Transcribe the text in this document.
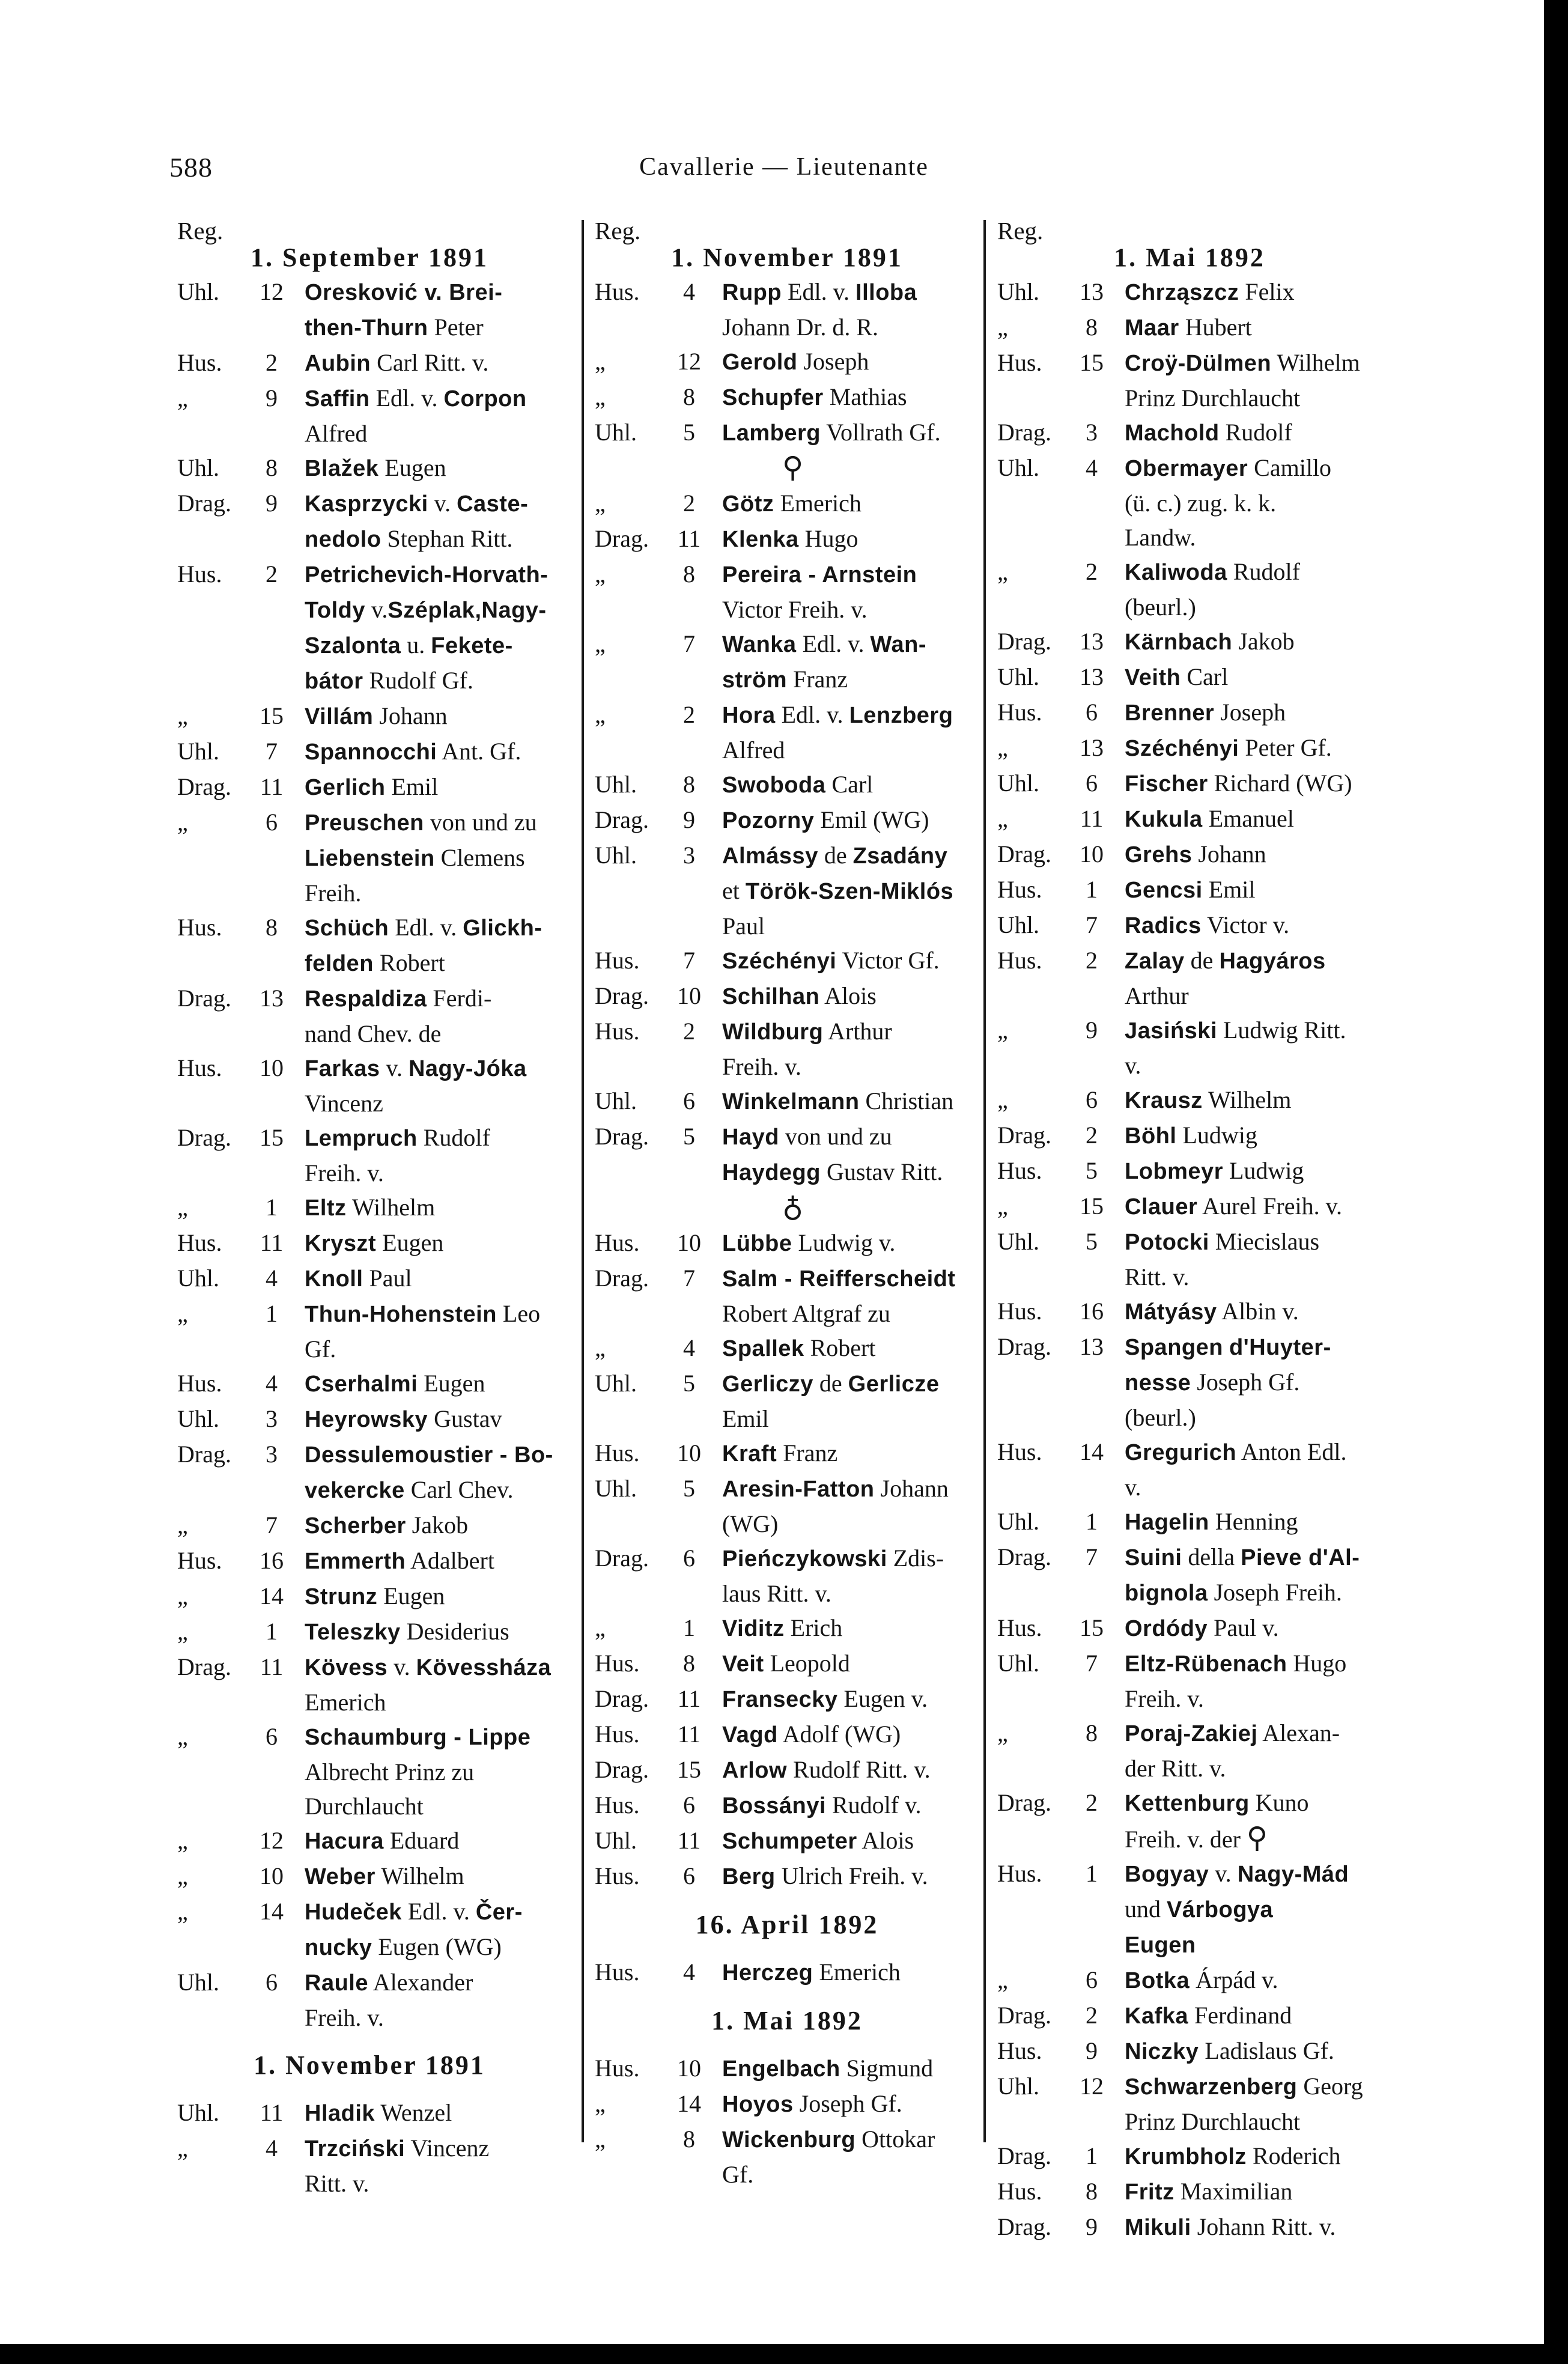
588	Cavallerie — Lieutenante
Reg.
1. September 1891
Uhl.	12 Oresković v. Brei-
then-Thurn Peter
Hus.	2	Aubin Carl Ritt. v.
„	9	Saffin Edl. v. Corpon
Alfred
Uhl.	8	Blažek Eugen
Drag.	9	Kasprzycki v. Caste-
nedolo Stephan Ritt.
Hus.	2	Petrichevich-Horvath-
Toldy v.Széplak,Nagy-
Szalonta u. Fekete-
bátor Rudolf Gf.
„	15 Villám Johann
Uhl.	7	Spannocchi Ant. Gf.
Drag.	11 Gerlich Emil
„	6	Preuschen von und zu
Liebenstein Clemens
Freih.
Hus.	8	Schüch Edl. v. Glickh-
felden Robert
Drag.	13 Respaldiza Ferdi-
nand Chev. de
Hus.	10 Farkas v. Nagy-Jóka
Vincenz
Drag.	15 Lempruch Rudolf
Freih. v.
„	1	Eltz Wilhelm
Hus.	11 Kryszt Eugen
Uhl.	4	Knoll Paul
„	1	Thun-Hohenstein Leo
Gf.
Hus.	4	Cserhalmi Eugen
Uhl.	3	Heyrowsky Gustav
Drag.	3	Dessulemoustier - Bo-
vekercke Carl Chev.
„	7	Scherber Jakob
Hus.	16 Emmerth Adalbert
„	14 Strunz Eugen
„	1	Teleszky Desiderius
Drag.	11 Kövess v. Kövessháza
Emerich
„	6	Schaumburg - Lippe
Albrecht Prinz zu
Durchlaucht
„	12 Hacura Eduard
„	10 Weber Wilhelm
„	14 Hudeček Edl. v. Čer-
nucky Eugen (WG)
Uhl.	6	Raule Alexander
Freih. v.
1. November 1891
Uhl.	11 Hladik Wenzel
„	4	Trzciński Vincenz
Ritt. v.
Reg.
1. November 1891
Hus.	4	Rupp Edl. v. Illoba
Johann Dr. d. R.
„	12 Gerold Joseph
„	8	Schupfer Mathias
Uhl.	5	Lamberg Vollrath Gf.
⚲
„	2	Götz Emerich
Drag.	11 Klenka Hugo
„	8	Pereira - Arnstein
Victor Freih. v.
„	7	Wanka Edl. v. Wan-
ström Franz
„	2	Hora Edl. v. Lenzberg
Alfred
Uhl.	8	Swoboda Carl
Drag.	9	Pozorny Emil (WG)
Uhl.	3	Almássy de Zsadány
et Török-Szen-Miklós
Paul
Hus.	7	Széchényi Victor Gf.
Drag.	10 Schilhan Alois
Hus.	2	Wildburg Arthur
Freih. v.
Uhl.	6	Winkelmann Christian
Drag.	5	Hayd von und zu
Haydegg Gustav Ritt.
♁
Hus.	10 Lübbe Ludwig v.
Drag.	7	Salm - Reifferscheidt
Robert Altgraf zu
„	4	Spallek Robert
Uhl.	5	Gerliczy de Gerlicze
Emil
Hus.	10 Kraft Franz
Uhl.	5	Aresin-Fatton Johann
(WG)
Drag.	6	Pieńczykowski Zdis-
laus Ritt. v.
„	1	Viditz Erich
Hus.	8	Veit Leopold
Drag.	11 Fransecky Eugen v.
Hus.	11 Vagd Adolf (WG)
Drag.	15 Arlow Rudolf Ritt. v.
Hus.	6	Bossányi Rudolf v.
Uhl.	11 Schumpeter Alois
Hus.	6	Berg Ulrich Freih. v.
16. April 1892
Hus.	4	Herczeg Emerich
1. Mai 1892
Hus.	10 Engelbach Sigmund
„	14 Hoyos Joseph Gf.
„	8	Wickenburg Ottokar
Gf.
Reg.
1. Mai 1892
Uhl.	13 Chrząszcz Felix
„	8	Maar Hubert
Hus.	15 Croÿ-Dülmen Wilhelm
Prinz Durchlaucht
Drag.	3	Machold Rudolf
Uhl.	4	Obermayer Camillo
(ü. c.) zug. k. k.
Landw.
„	2	Kaliwoda Rudolf
(beurl.)
Drag.	13 Kärnbach Jakob
Uhl.	13 Veith Carl
Hus.	6	Brenner Joseph
„	13 Széchényi Peter Gf.
Uhl.	6	Fischer Richard (WG)
„	11 Kukula Emanuel
Drag.	10 Grehs Johann
Hus.	1	Gencsi Emil
Uhl.	7	Radics Victor v.
Hus.	2	Zalay de Hagyáros
Arthur
„	9	Jasiński Ludwig Ritt.
v.
„	6	Krausz Wilhelm
Drag.	2	Böhl Ludwig
Hus.	5	Lobmeyr Ludwig
„	15 Clauer Aurel Freih. v.
Uhl.	5	Potocki Miecislaus
Ritt. v.
Hus.	16 Mátyásy Albin v.
Drag.	13 Spangen d'Huyter-
nesse Joseph Gf.
(beurl.)
Hus.	14 Gregurich Anton Edl.
v.
Uhl.	1	Hagelin Henning
Drag.	7	Suini della Pieve d'Al-
bignola Joseph Freih.
Hus.	15 Ordódy Paul v.
Uhl.	7	Eltz-Rübenach Hugo
Freih. v.
„	8	Poraj-Zakiej Alexan-
der Ritt. v.
Drag.	2	Kettenburg Kuno
Freih. v. der ⚲
Hus.	1	Bogyay v. Nagy-Mád
und Várbogya
Eugen
„	6	Botka Árpád v.
Drag.	2	Kafka Ferdinand
Hus.	9	Niczky Ladislaus Gf.
Uhl.	12 Schwarzenberg Georg
Prinz Durchlaucht
Drag.	1	Krumbholz Roderich
Hus.	8	Fritz Maximilian
Drag.	9	Mikuli Johann Ritt. v.
